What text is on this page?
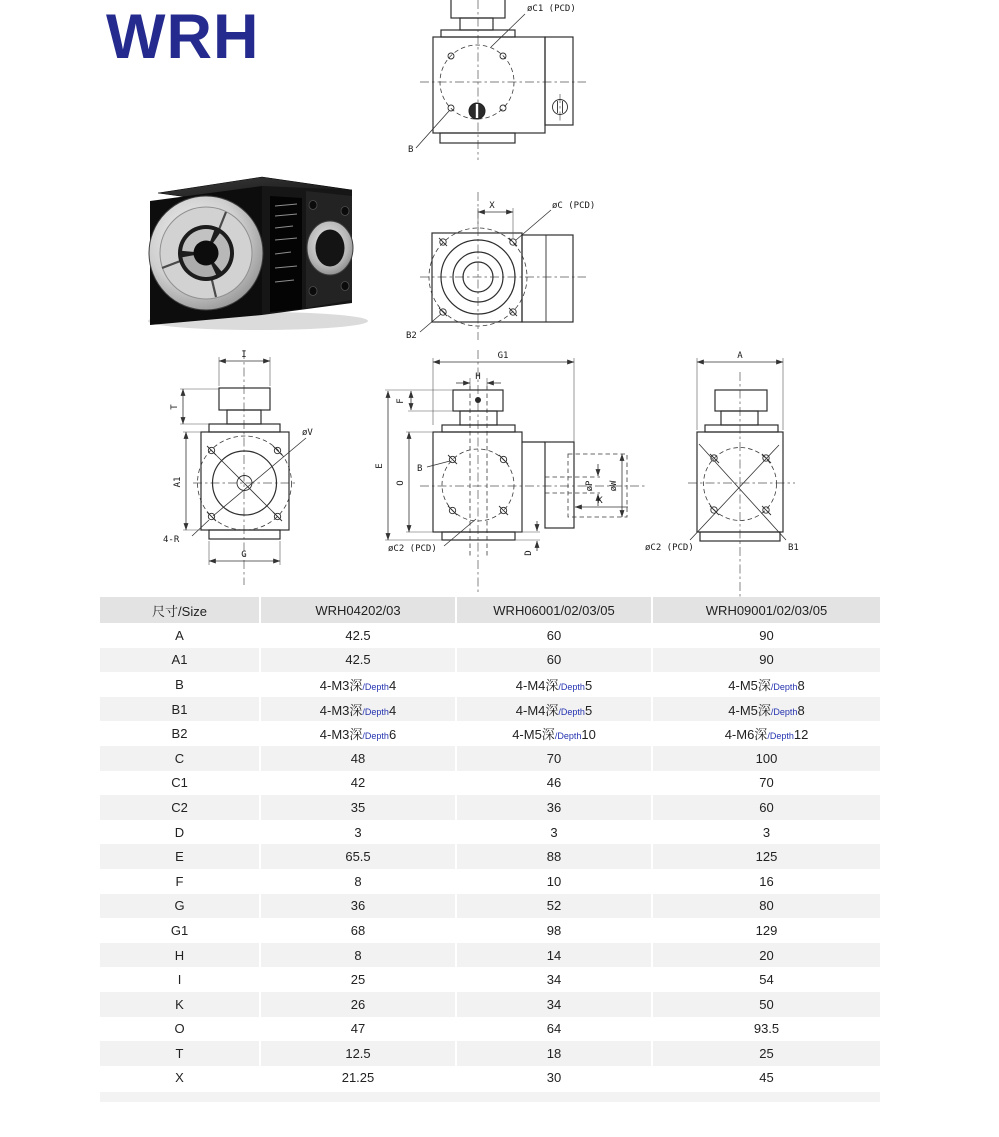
WRH	øC1 (PCD)
B
X	øC (PCD)
B2
øV
4-R
I
T
A1
G
G1
H
F
E
O
B
øC2 (PCD)
øP øW
K
D
A
øC2 (PCD)	B1
尺寸/Size	WRH04202/03	WRH06001/02/03/05	WRH09001/02/03/05
A	42.5	60	90
A1	42.5	60	90
B	4-M3深/Depth4	4-M4深/Depth5	4-M5深/Depth8
B1	4-M3深/Depth4	4-M4深/Depth5	4-M5深/Depth8
B2	4-M3深/Depth6	4-M5深/Depth10	4-M6深/Depth12
C	48	70	100
C1	42	46	70
C2	35	36	60
D	3	3	3
E	65.5	88	125
F	8	10	16
G	36	52	80
G1	68	98	129
H	8	14	20
I	25	34	54
K	26	34	50
O	47	64	93.5
T	12.5	18	25
X	21.25	30	45
